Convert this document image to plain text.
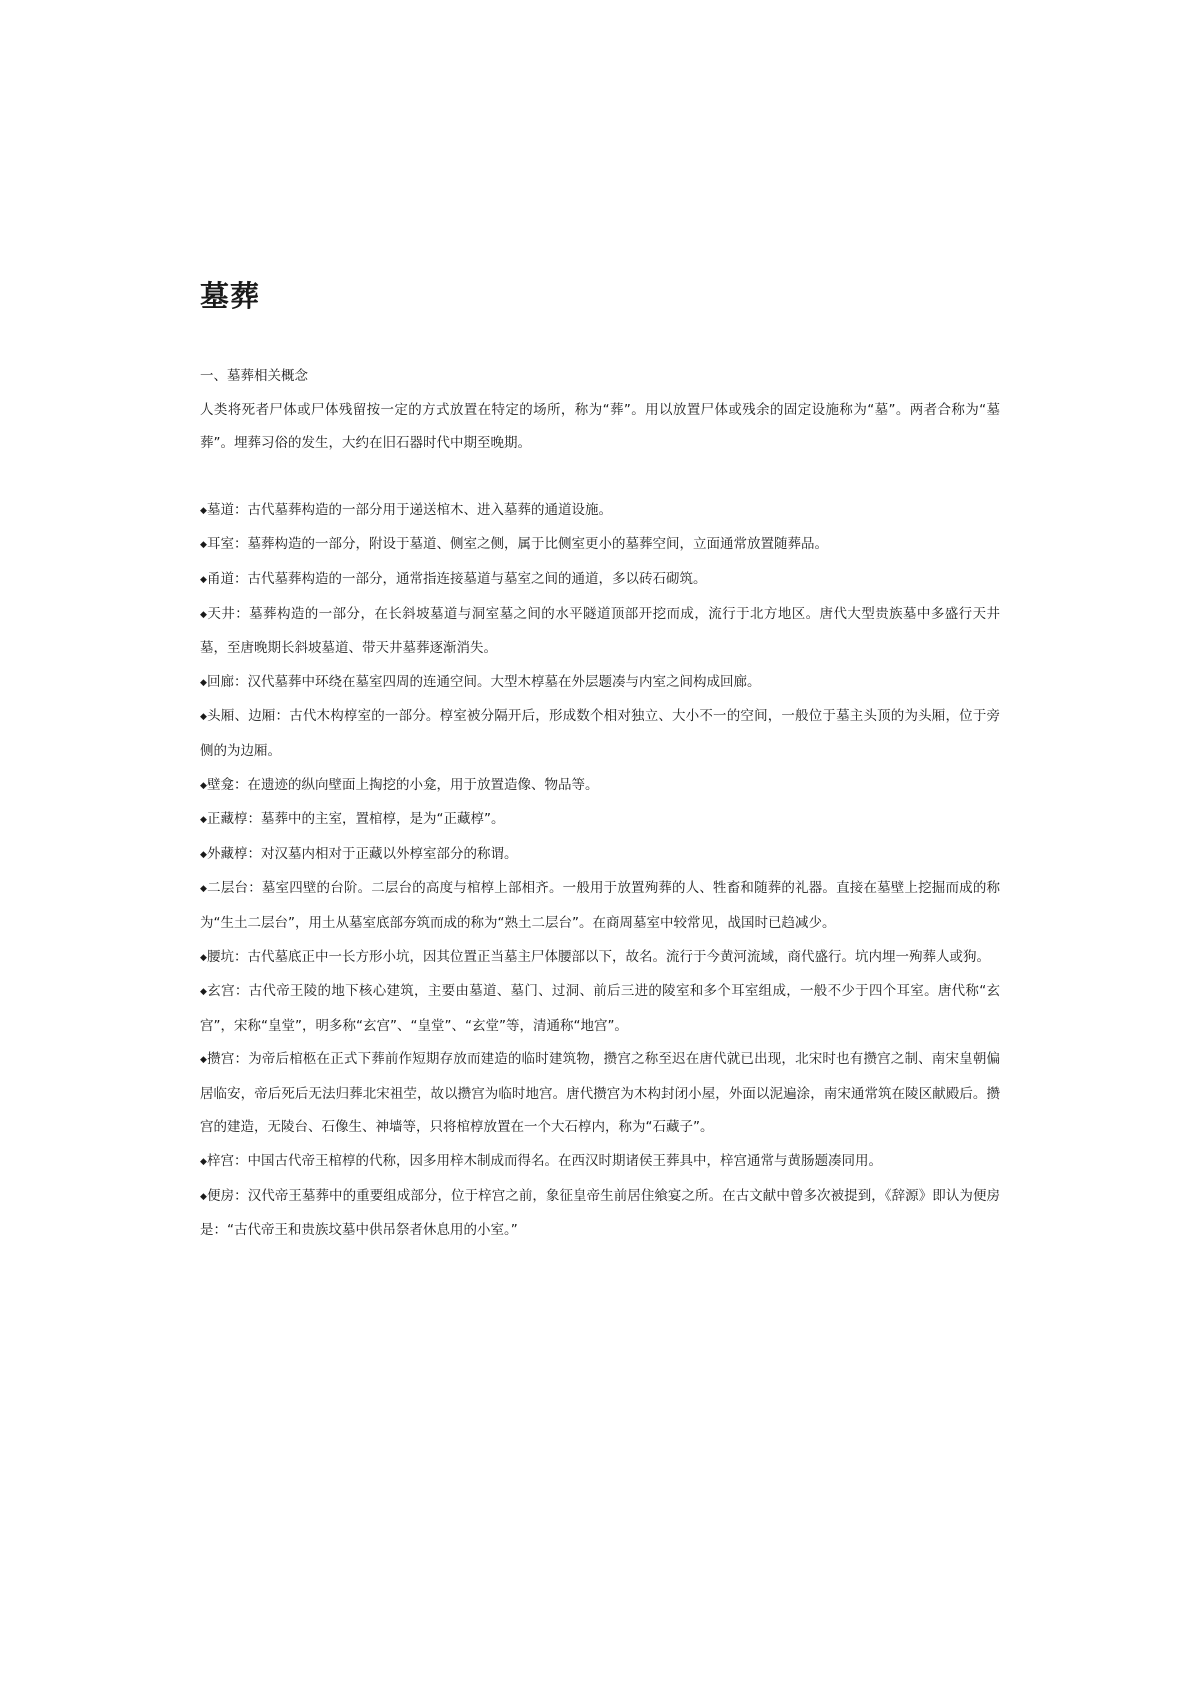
墓葬

一、墓葬相关概念

人类将死者尸体或尸体残留按一定的方式放置在特定的场所，称为“葬”。用以放置尸体或残余的固定设施称为“墓”。两者合称为“墓葬”。埋葬习俗的发生，大约在旧石器时代中期至晚期。

◆墓道：古代墓葬构造的一部分用于递送棺木、进入墓葬的通道设施。

◆耳室：墓葬构造的一部分，附设于墓道、侧室之侧，属于比侧室更小的墓葬空间，立面通常放置随葬品。

◆甬道：古代墓葬构造的一部分，通常指连接墓道与墓室之间的通道，多以砖石砌筑。

◆天井：墓葬构造的一部分，在长斜坡墓道与洞室墓之间的水平隧道顶部开挖而成，流行于北方地区。唐代大型贵族墓中多盛行天井墓，至唐晚期长斜坡墓道、带天井墓葬逐渐消失。

◆回廊：汉代墓葬中环绕在墓室四周的连通空间。大型木椁墓在外层题凑与内室之间构成回廊。

◆头厢、边厢：古代木构椁室的一部分。椁室被分隔开后，形成数个相对独立、大小不一的空间，一般位于墓主头顶的为头厢，位于旁侧的为边厢。

◆壁龛：在遗迹的纵向壁面上掏挖的小龛，用于放置造像、物品等。

◆正藏椁：墓葬中的主室，置棺椁，是为“正藏椁”。

◆外藏椁：对汉墓内相对于正藏以外椁室部分的称谓。

◆二层台：墓室四壁的台阶。二层台的高度与棺椁上部相齐。一般用于放置殉葬的人、牲畜和随葬的礼器。直接在墓壁上挖掘而成的称为“生土二层台”，用土从墓室底部夯筑而成的称为“熟土二层台”。在商周墓室中较常见，战国时已趋减少。

◆腰坑：古代墓底正中一长方形小坑，因其位置正当墓主尸体腰部以下，故名。流行于今黄河流域，商代盛行。坑内埋一殉葬人或狗。

◆玄宫：古代帝王陵的地下核心建筑，主要由墓道、墓门、过洞、前后三进的陵室和多个耳室组成，一般不少于四个耳室。唐代称“玄宫”，宋称“皇堂”，明多称“玄宫”、“皇堂”、“玄堂”等，清通称“地宫”。

◆攒宫：为帝后棺柩在正式下葬前作短期存放而建造的临时建筑物，攒宫之称至迟在唐代就已出现，北宋时也有攒宫之制、南宋皇朝偏居临安，帝后死后无法归葬北宋祖茔，故以攒宫为临时地宫。唐代攒宫为木构封闭小屋，外面以泥遍涂，南宋通常筑在陵区献殿后。攒宫的建造，无陵台、石像生、神墙等，只将棺椁放置在一个大石椁内，称为“石藏子”。

◆梓宫：中国古代帝王棺椁的代称，因多用梓木制成而得名。在西汉时期诸侯王葬具中，梓宫通常与黄肠题凑同用。

◆便房：汉代帝王墓葬中的重要组成部分，位于梓宫之前，象征皇帝生前居住飨宴之所。在古文献中曾多次被提到，《辞源》即认为便房是：“古代帝王和贵族坟墓中供吊祭者休息用的小室。”
